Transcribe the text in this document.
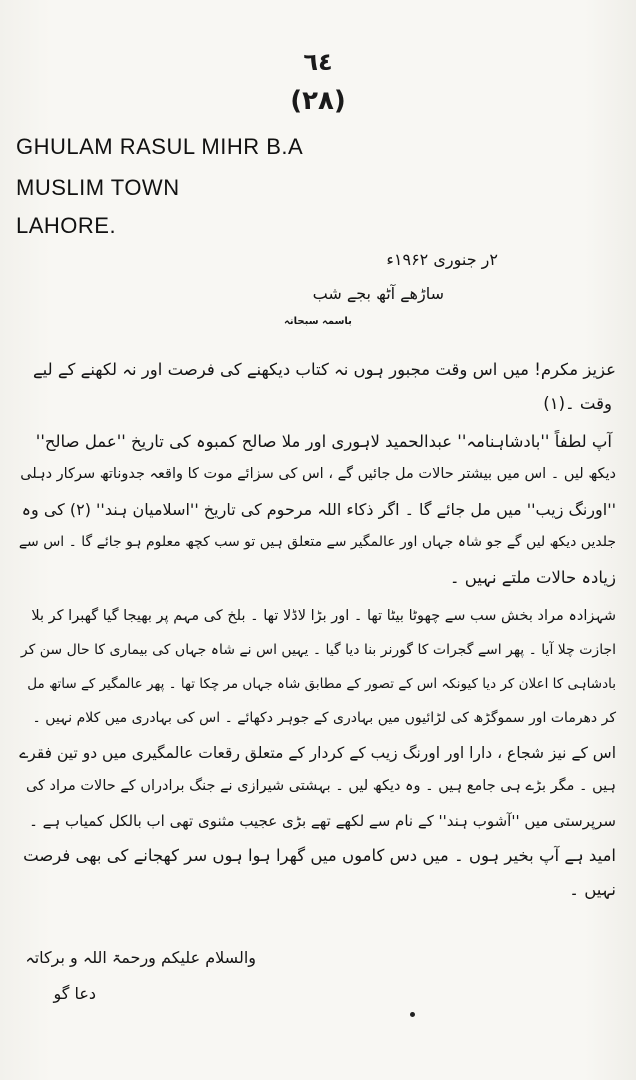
٦٤
(٢٨)
GHULAM RASUL MIHR B.A
MUSLIM TOWN
LAHORE.
۲ر جنوری ۱۹۶۲ء
ساڑھے آٹھ بجے شب
باسمہ سبحانہ
عزیز مکرم! میں اس وقت مجبور ہوں نہ کتاب دیکھنے کی فرصت اور نہ لکھنے کے لیے
وقت ۔(۱)
آپ لطفاً ''بادشاہنامہ'' عبدالحمید لاہوری اور ملا صالح کمبوہ کی تاریخ ''عمل صالح''
دیکھ لیں ۔ اس میں بیشتر حالات مل جائیں گے ، اس کی سزائے موت کا واقعہ جدوناتھ سرکار دہلی
''اورنگ زیب'' میں مل جائے گا ۔ اگر ذکاء اللہ مرحوم کی تاریخ ''اسلامیان ہند'' (۲) کی وہ
جلدیں دیکھ لیں گے جو شاہ جہاں اور عالمگیر سے متعلق ہیں تو سب کچھ معلوم ہو جائے گا ۔ اس سے
زیادہ حالات ملتے نہیں ۔
شہزادہ مراد بخش سب سے چھوٹا بیٹا تھا ۔ اور بڑا لاڈلا تھا ۔ بلخ کی مہم پر بھیجا گیا گھبرا کر بلا
اجازت چلا آیا ۔ پھر اسے گجرات کا گورنر بنا دیا گیا ۔ یہیں اس نے شاہ جہاں کی بیماری کا حال سن کر
بادشاہی کا اعلان کر دیا کیونکہ اس کے تصور کے مطابق شاہ جہاں مر چکا تھا ۔ پھر عالمگیر کے ساتھ مل
کر دھرمات اور سموگڑھ کی لڑائیوں میں بہادری کے جوہر دکھائے ۔ اس کی بہادری میں کلام نہیں ۔
اس کے نیز شجاع ، دارا اور اورنگ زیب کے کردار کے متعلق رقعات عالمگیری میں دو تین فقرے
ہیں ۔ مگر بڑے ہی جامع ہیں ۔ وہ دیکھ لیں ۔ بہشتی شیرازی نے جنگ برادراں کے حالات مراد کی
سرپرستی میں ''آشوب ہند'' کے نام سے لکھے تھے بڑی عجیب مثنوی تھی اب بالکل کمیاب ہے ۔
امید ہے آپ بخیر ہوں ۔ میں دس کاموں میں گھرا ہوا ہوں سر کھجانے کی بھی فرصت
نہیں ۔
والسلام علیکم ورحمۃ اللہ و برکاتہ
دعا گو
